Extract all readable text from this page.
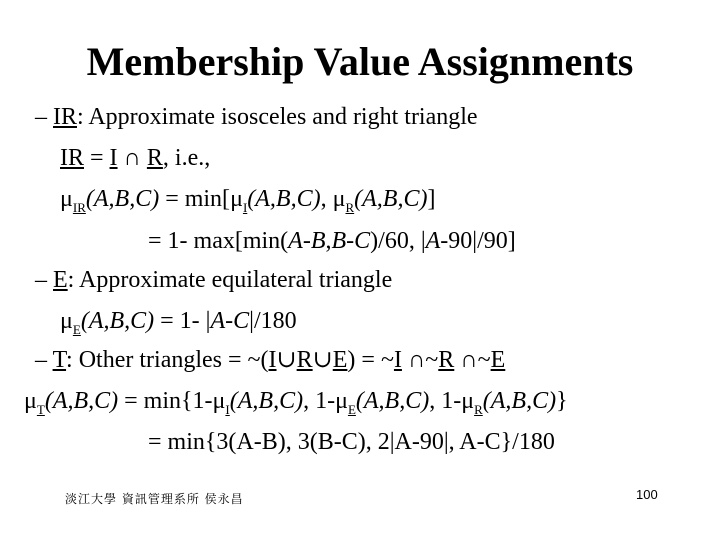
Membership Value Assignments
– IR: Approximate isosceles and right triangle
IR = I ∩ R, i.e.,
$\mu_{IR}(A,B,C) = \min[\mu_I(A,B,C)$, $\mu_R(A,B,C)$]
= 1- max[min(A-B,B-C)/60, |A-90|/90]
– E: Approximate equilateral triangle
$\mu_E(A,B,C) = 1-$ |A-C|/180
– T: Other triangles = ~(I∪R∪E) = ~I ∩~R ∩~E
$\mu_T(A,B,C) = \min\{1-\mu_I(A,B,C)$, $1-\mu_E(A,B,C)$, $1-\mu_R(A,B,C)$}
= min{3(A-B), 3(B-C), 2|A-90|, A-C}/180
淡江大學 資訊管理系所 侯永昌	100
